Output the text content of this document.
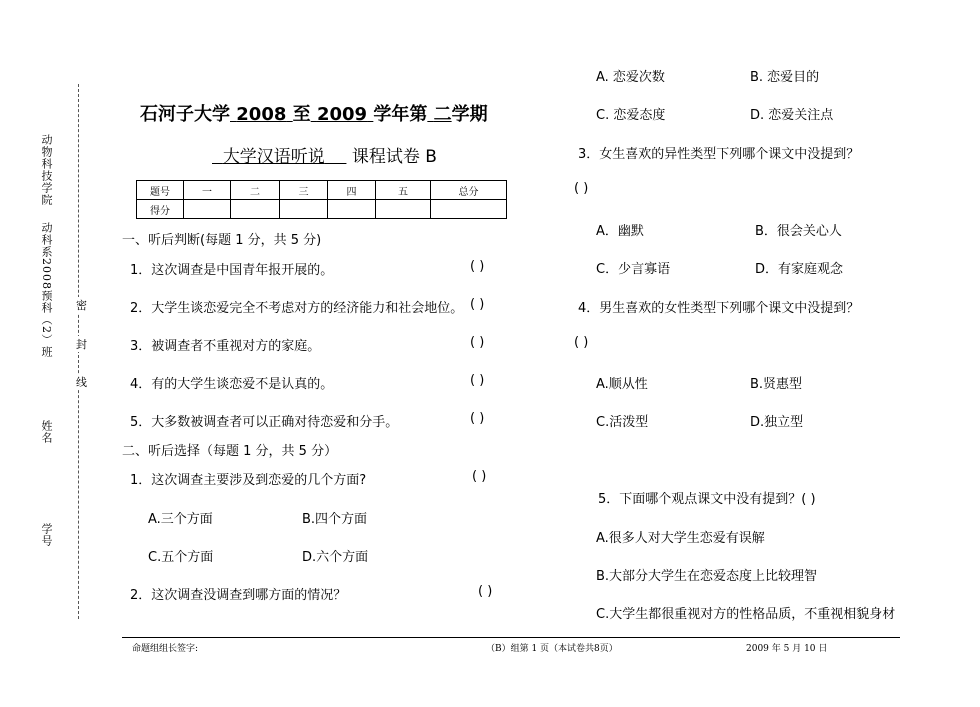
动物科技学院
动科系2008预科（2）班
姓名
学号
密
封
线
石河子大学 2008 至 2009 学年第 二学期
大学汉语听说 课程试卷 B
题号	一	二	三	四	五	总分
得分						
一、听后判断(每题 1 分，共 5 分)
1．这次调查是中国青年报开展的。	( )
2．大学生谈恋爱完全不考虑对方的经济能力和社会地位。 ( )
3．被调查者不重视对方的家庭。	( )
4．有的大学生谈恋爱不是认真的。	( )
5．大多数被调查者可以正确对待恋爱和分手。	( )
二、听后选择（每题 1 分，共 5 分）
1．这次调查主要涉及到恋爱的几个方面?	( )
A.三个方面	B.四个方面
C.五个方面	D.六个方面
2．这次调查没调查到哪方面的情况？	( )
A. 恋爱次数	B. 恋爱目的
C. 恋爱态度	D. 恋爱关注点
3．女生喜欢的异性类型下列哪个课文中没提到？
( )
A．幽默	B．很会关心人
C．少言寡语	D．有家庭观念
4．男生喜欢的女性类型下列哪个课文中没提到？
( )
A.顺从性	B.贤惠型
C.活泼型	D.独立型
5．下面哪个观点课文中没有提到？( )
A.很多人对大学生恋爱有误解
B.大部分大学生在恋爱态度上比较理智
C.大学生都很重视对方的性格品质，不重视相貌身材
命题组组长签字:	（B）组第 1 页（本试卷共8页）	2009 年 5 月 10 日
